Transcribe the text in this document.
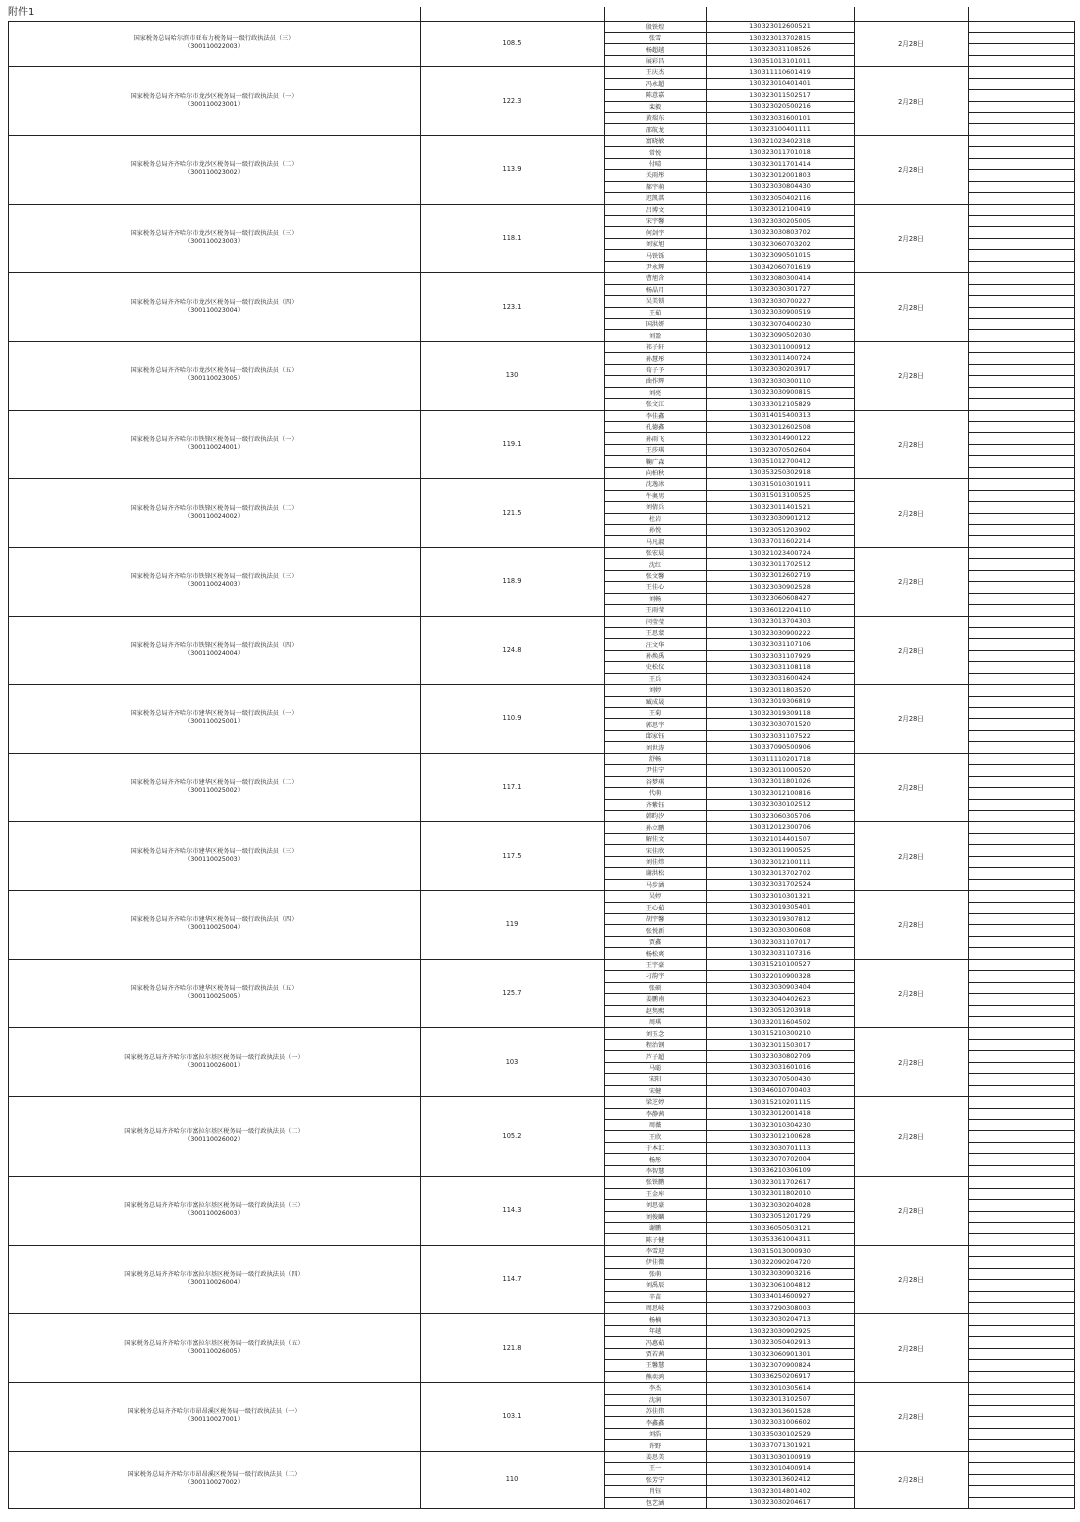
附件1
国家税务总局哈尔滨市亚布力税务局一级行政执法员（三）
（300110022003）	108.5	2月28日
殷铁煌	130323012600521
张雪	130323013702815
杨超越	130323031108526
展彩昌	130351013101011
国家税务总局齐齐哈尔市龙沙区税务局一级行政执法员（一）
（300110023001）	122.3	2月28日
王庆杰	130311110601419
冯永超	130323010401401
陈意嘉	130323011502517
栾毅	130323020500216
黄瑞东	130323031600101
邵航龙	130323100401111
国家税务总局齐齐哈尔市龙沙区税务局一级行政执法员（二）
（300110023002）	113.9	2月28日
富晓敏	130321023402318
常悦	130323011701018
付晴	130323011701414
关雨彤	130323012001803
郝宇萌	130323030804430
迟凯淇	130323050402116
国家税务总局齐齐哈尔市龙沙区税务局一级行政执法员（三）
（300110023003）	118.1	2月28日
吕博文	130323012100419
宋宇馨	130323030205005
何剑宇	130323030803702
刘家旭	130323060703202
马铁铄	130323090501015
尹永辉	130342060701619
国家税务总局齐齐哈尔市龙沙区税务局一级行政执法员（四）
（300110023004）	123.1	2月28日
曹旭含	130323080300414
杨晶月	130323030301727
吴美锁	130323030700227
王茹	130323030900519
国洪妍	130323070400230
刘盈	130323090502030
国家税务总局齐齐哈尔市龙沙区税务局一级行政执法员（五）
（300110023005）	130	2月28日
祁子轩	130323011000912
孙慧彤	130323011400724
荀子予	130323030203917
曲作辉	130323030300110
刘亮	130323030900815
张文江	130333012105829
国家税务总局齐齐哈尔市铁锋区税务局一级行政执法员（一）
（300110024001）	119.1	2月28日
李佳鑫	130314015400313
孔德鑫	130323012602508
孙雨飞	130323014900122
王莎琪	130323070502604
鞠广森	130351012700412
向柏秋	130353250302918
国家税务总局齐齐哈尔市铁锋区税务局一级行政执法员（二）
（300110024002）	121.5	2月28日
沈逸冰	130315010301911
牛奥男	130315013100525
刘倩兵	130323011401521
杜岩	130323030901212
孙悦	130323051203902
马凡淑	130337011602214
国家税务总局齐齐哈尔市铁锋区税务局一级行政执法员（三）
（300110024003）	118.9	2月28日
张宏晨	130321023400724
沈红	130323011702512
张文馨	130323012602719
王佳心	130323030902528
刘畅	130323060608427
王雨莹	130336012204110
国家税务总局齐齐哈尔市铁锋区税务局一级行政执法员（四）
（300110024004）	124.8	2月28日
闫莹莹	130323013704303
王思蒙	130323030900222
汪文华	130323031107106
孙焕禹	130323031107929
史松仪	130323031108118
王兵	130323031600424
国家税务总局齐齐哈尔市建华区税务局一级行政执法员（一）
（300110025001）	110.9	2月28日
刘婷	130323011803520
臧成晟	130323019306819
王菊	130323019309118
郭思宇	130323030701520
邸家钰	130323031107522
刘世涛	130337090500906
国家税务总局齐齐哈尔市建华区税务局一级行政执法员（二）
（300110025002）	117.1	2月28日
舒畅	130311110201718
尹佳宁	130323011000520
谷梦琪	130323011801026
代萌	130323012100816
齐紫钰	130323030102512
韩昀汐	130323060305706
国家税务总局齐齐哈尔市建华区税务局一级行政执法员（三）
（300110025003）	117.5	2月28日
孙立鹏	130312012300706
解佳文	130321014401507
宋佳欣	130323011900525
刘佳炜	130323012100111
谢洪松	130323013702702
马步涵	130323031702524
国家税务总局齐齐哈尔市建华区税务局一级行政执法员（四）
（300110025004）	119	2月28日
吴婷	130323010301321
王心茹	130323019305401
胡宇馨	130323019307812
张悦新	130323030300608
贾鑫	130323031107017
杨松爽	130323031107316
国家税务总局齐齐哈尔市建华区税务局一级行政执法员（五）
（300110025005）	125.7	2月28日
王宇豪	130315210100527
刁韵宇	130322010900328
张硕	130323030903404
姜鹏南	130323040402623
赵隽熙	130323051203918
周琪	130332011604502
国家税务总局齐齐哈尔市富拉尔基区税务局一级行政执法员（一）
（300110026001）	103	2月28日
刘玉念	130315210300210
程治钢	130323011503017
芦子超	130323030802709
马聪	130323031601016
宋阳	130323070500430
宋健	130346010700403
国家税务总局齐齐哈尔市富拉尔基区税务局一级行政执法员（二）
（300110026002）	105.2	2月28日
梁芝婷	130315210201115
李静茜	130323012001418
周薇	130323010304230
王欣	130323012100628
于本汇	130323030701113
杨彤	130323070702004
李智慧	130336210306109
国家税务总局齐齐哈尔市富拉尔基区税务局一级行政执法员（三）
（300110026003）	114.3	2月28日
张铁鹏	130323011702617
王金库	130323011802010
刘思豪	130323030204028
刘俊麟	130323051201729
谢鹏	130336050503121
陈子健	130353361004311
国家税务总局齐齐哈尔市富拉尔基区税务局一级行政执法员（四）
（300110026004）	114.7	2月28日
李雪迎	130315013000930
伊佳微	130322090204720
张萌	130323030903216
刘禹辰	130323061004812
辛苗	130334014600927
周思岐	130337290308003
国家税务总局齐齐哈尔市富拉尔基区税务局一级行政执法员（五）
（300110026005）	121.8	2月28日
杨楠	130323030204713
年越	130323030902925
冯惠茹	130323050402913
贾若茜	130323060901301
王馨慧	130323070900824
熊奕鸿	130336250206917
国家税务总局齐齐哈尔市昂昂溪区税务局一级行政执法员（一）
（300110027001）	103.1	2月28日
李杰	130323010305614
沈润	130323013102507
苏佳伟	130323013601528
李鑫鑫	130323031006602
刘浩	130335030102529
许野	130337071301921
国家税务总局齐齐哈尔市昂昂溪区税务局一级行政执法员（二）
（300110027002）	110	2月28日
姜思美	130313030100919
王一	130323010400914
张芳宁	130323013602412
肖钰	130323014801402
包艺涵	130323030204617
